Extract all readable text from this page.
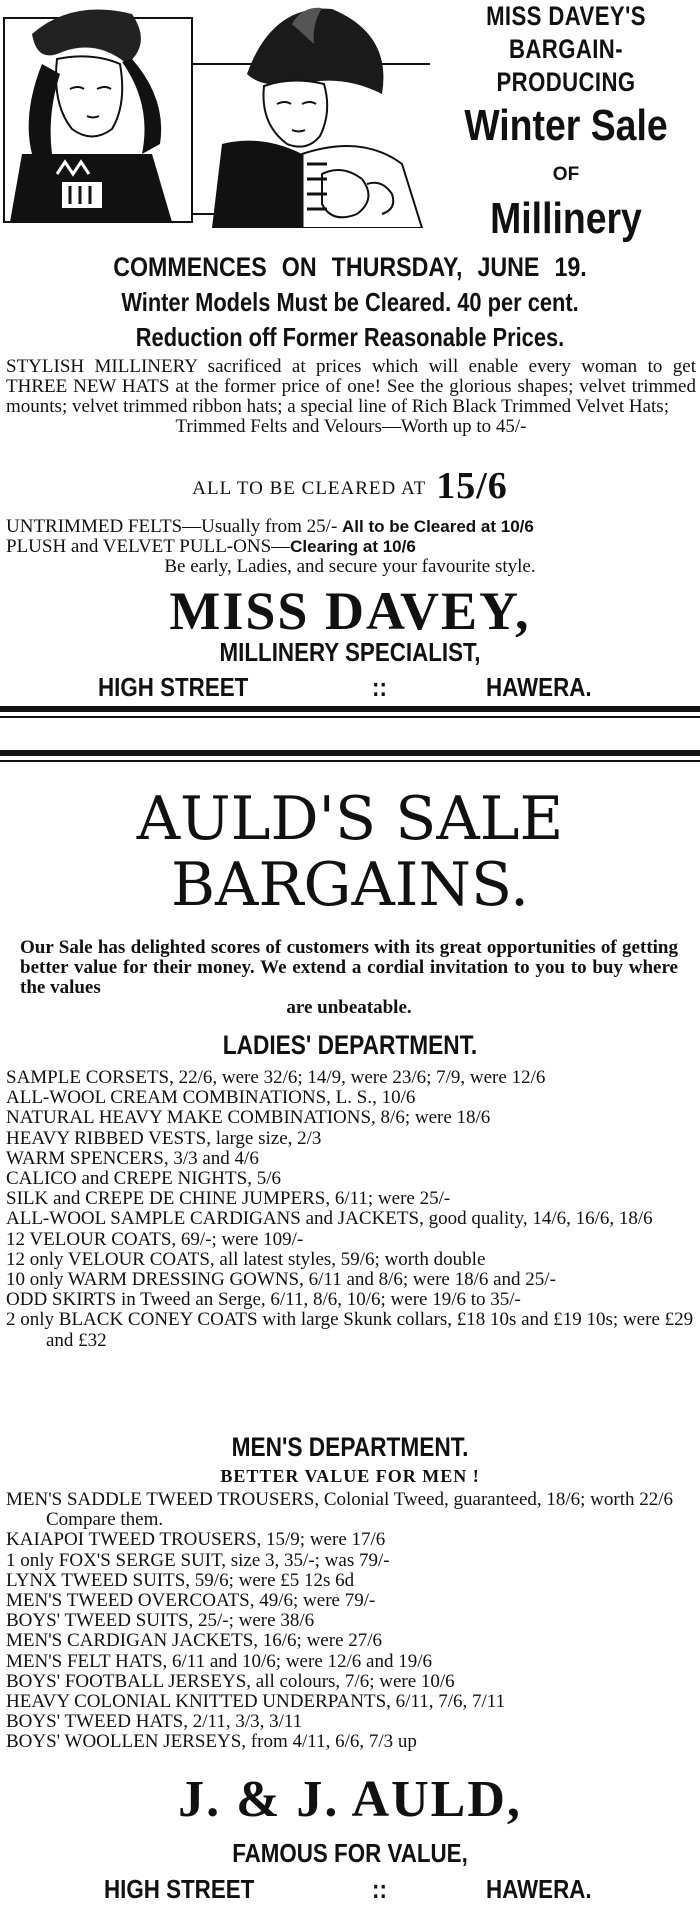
MISS DAVEY'S
BARGAIN-PRODUCING
Winter Sale
OF
Millinery
COMMENCES ON THURSDAY, JUNE 19.
Winter Models Must be Cleared. 40 per cent.
Reduction off Former Reasonable Prices.
STYLISH MILLINERY sacrificed at prices which will enable every woman to get THREE NEW HATS at the former price of one! See the glorious shapes; velvet trimmed mounts; velvet trimmed ribbon hats; a special line of Rich Black Trimmed Velvet Hats;
Trimmed Felts and Velours—Worth up to 45/-
ALL TO BE CLEARED AT 15/6
UNTRIMMED FELTS—Usually from 25/- All to be Cleared at 10/6
PLUSH and VELVET PULL-ONS—Clearing at 10/6
Be early, Ladies, and secure your favourite style.
MISS DAVEY,
MILLINERY SPECIALIST,
HIGH STREET	::	HAWERA.
AULD'S SALE
BARGAINS.
Our Sale has delighted scores of customers with its great opportunities of getting better value for their money. We extend a cordial invitation to you to buy where the values
are unbeatable.
LADIES' DEPARTMENT.
SAMPLE CORSETS, 22/6, were 32/6; 14/9, were 23/6; 7/9, were 12/6
ALL-WOOL CREAM COMBINATIONS, L. S., 10/6
NATURAL HEAVY MAKE COMBINATIONS, 8/6; were 18/6
HEAVY RIBBED VESTS, large size, 2/3
WARM SPENCERS, 3/3 and 4/6
CALICO and CREPE NIGHTS, 5/6
SILK and CREPE DE CHINE JUMPERS, 6/11; were 25/-
ALL-WOOL SAMPLE CARDIGANS and JACKETS, good quality, 14/6, 16/6, 18/6
12 VELOUR COATS, 69/-; were 109/-
12 only VELOUR COATS, all latest styles, 59/6; worth double
10 only WARM DRESSING GOWNS, 6/11 and 8/6; were 18/6 and 25/-
ODD SKIRTS in Tweed an Serge, 6/11, 8/6, 10/6; were 19/6 to 35/-
2 only BLACK CONEY COATS with large Skunk collars, £18 10s and £19 10s; were £29 and £32
MEN'S DEPARTMENT.
BETTER VALUE FOR MEN !
MEN'S SADDLE TWEED TROUSERS, Colonial Tweed, guaranteed, 18/6; worth 22/6 Compare them.
KAIAPOI TWEED TROUSERS, 15/9; were 17/6
1 only FOX'S SERGE SUIT, size 3, 35/-; was 79/-
LYNX TWEED SUITS, 59/6; were £5 12s 6d
MEN'S TWEED OVERCOATS, 49/6; were 79/-
BOYS' TWEED SUITS, 25/-; were 38/6
MEN'S CARDIGAN JACKETS, 16/6; were 27/6
MEN'S FELT HATS, 6/11 and 10/6; were 12/6 and 19/6
BOYS' FOOTBALL JERSEYS, all colours, 7/6; were 10/6
HEAVY COLONIAL KNITTED UNDERPANTS, 6/11, 7/6, 7/11
BOYS' TWEED HATS, 2/11, 3/3, 3/11
BOYS' WOOLLEN JERSEYS, from 4/11, 6/6, 7/3 up
J. & J. AULD,
FAMOUS FOR VALUE,
HIGH STREET	::	HAWERA.
